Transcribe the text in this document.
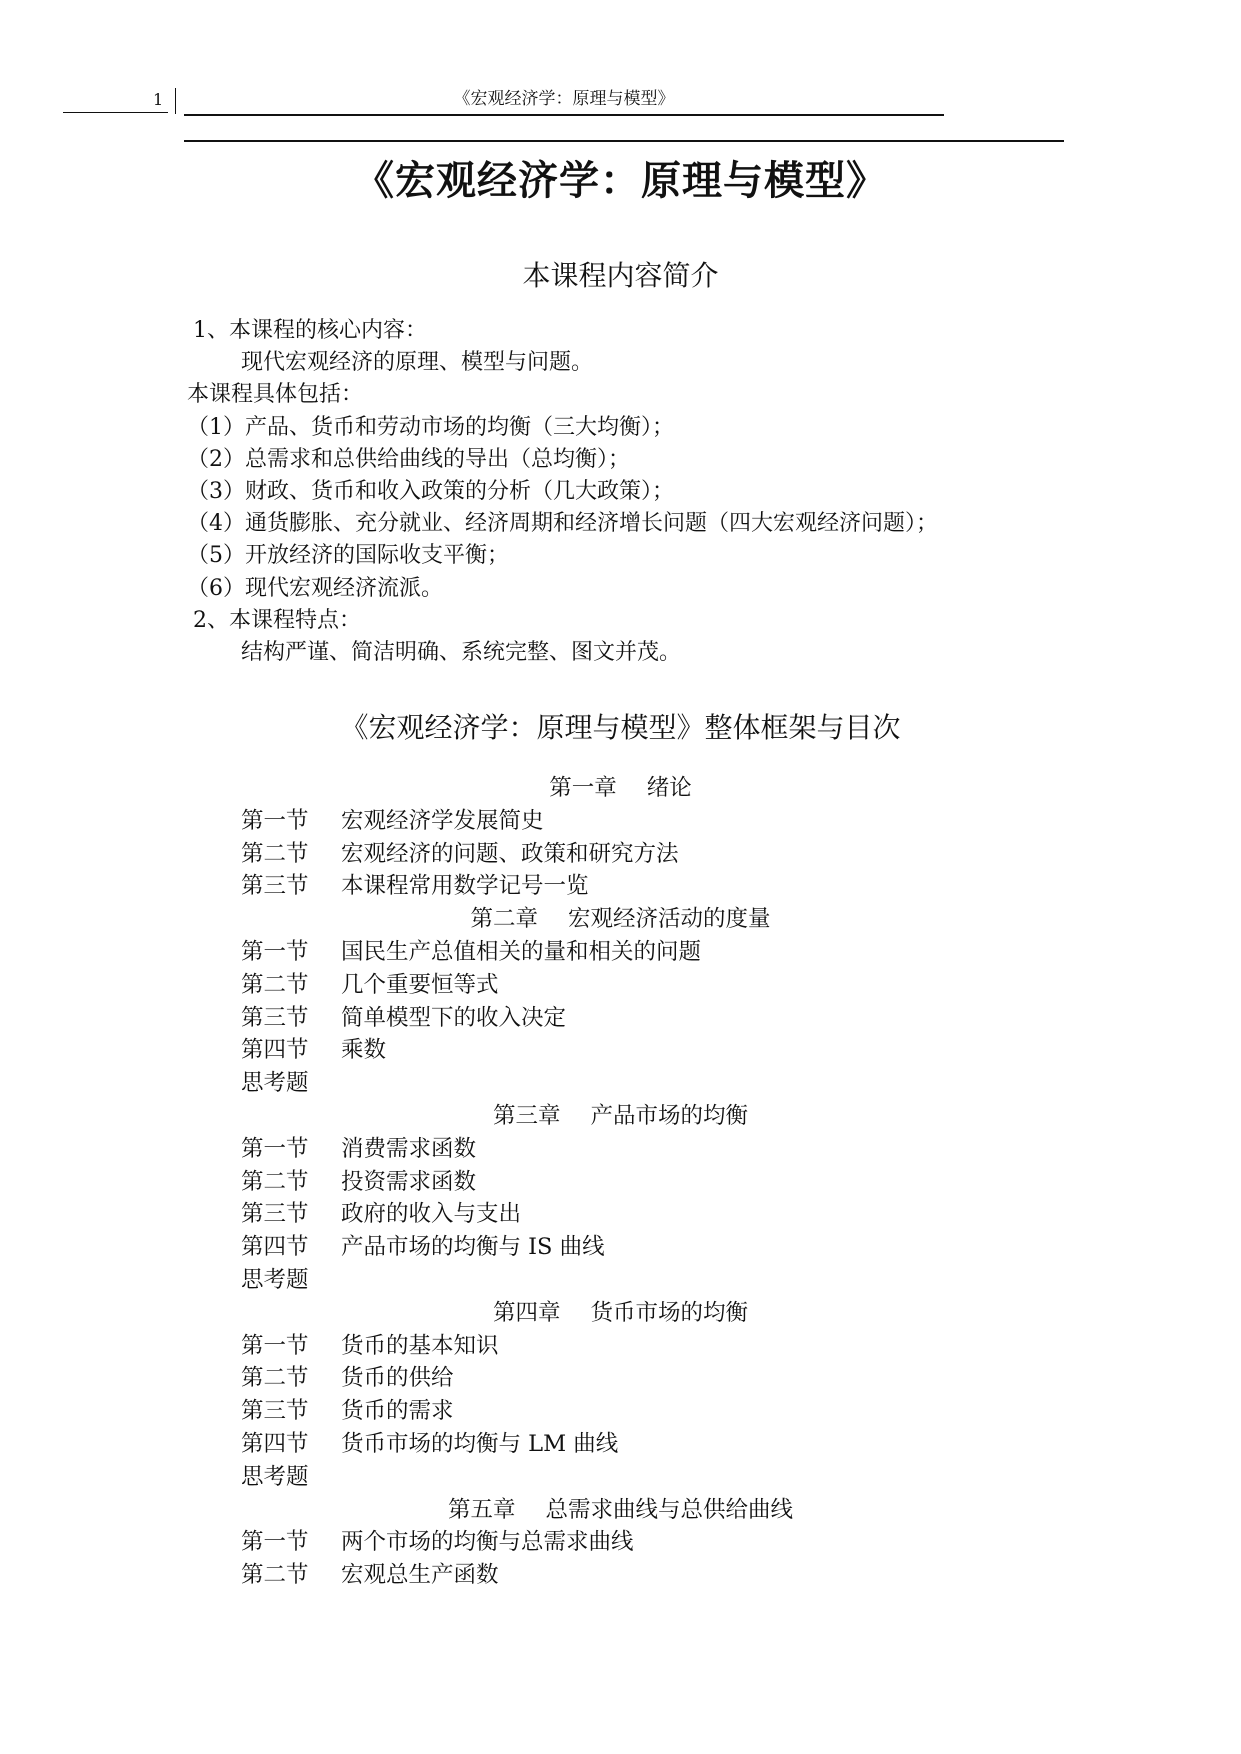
1	《宏观经济学：原理与模型》
《宏观经济学：原理与模型》
本课程内容简介
1、本课程的核心内容：
现代宏观经济的原理、模型与问题。
本课程具体包括：
（1）产品、货币和劳动市场的均衡（三大均衡）；
（2）总需求和总供给曲线的导出（总均衡）；
（3）财政、货币和收入政策的分析（几大政策）；
（4）通货膨胀、充分就业、经济周期和经济增长问题（四大宏观经济问题）；
（5）开放经济的国际收支平衡；
（6）现代宏观经济流派。
2、本课程特点：
结构严谨、简洁明确、系统完整、图文并茂。
《宏观经济学：原理与模型》整体框架与目次
第一章 绪论
第一节 宏观经济学发展简史
第二节 宏观经济的问题、政策和研究方法
第三节 本课程常用数学记号一览
第二章 宏观经济活动的度量
第一节 国民生产总值相关的量和相关的问题
第二节 几个重要恒等式
第三节 简单模型下的收入决定
第四节 乘数
思考题
第三章 产品市场的均衡
第一节 消费需求函数
第二节 投资需求函数
第三节 政府的收入与支出
第四节 产品市场的均衡与 IS 曲线
思考题
第四章 货币市场的均衡
第一节 货币的基本知识
第二节 货币的供给
第三节 货币的需求
第四节 货币市场的均衡与 LM 曲线
思考题
第五章 总需求曲线与总供给曲线
第一节 两个市场的均衡与总需求曲线
第二节 宏观总生产函数
